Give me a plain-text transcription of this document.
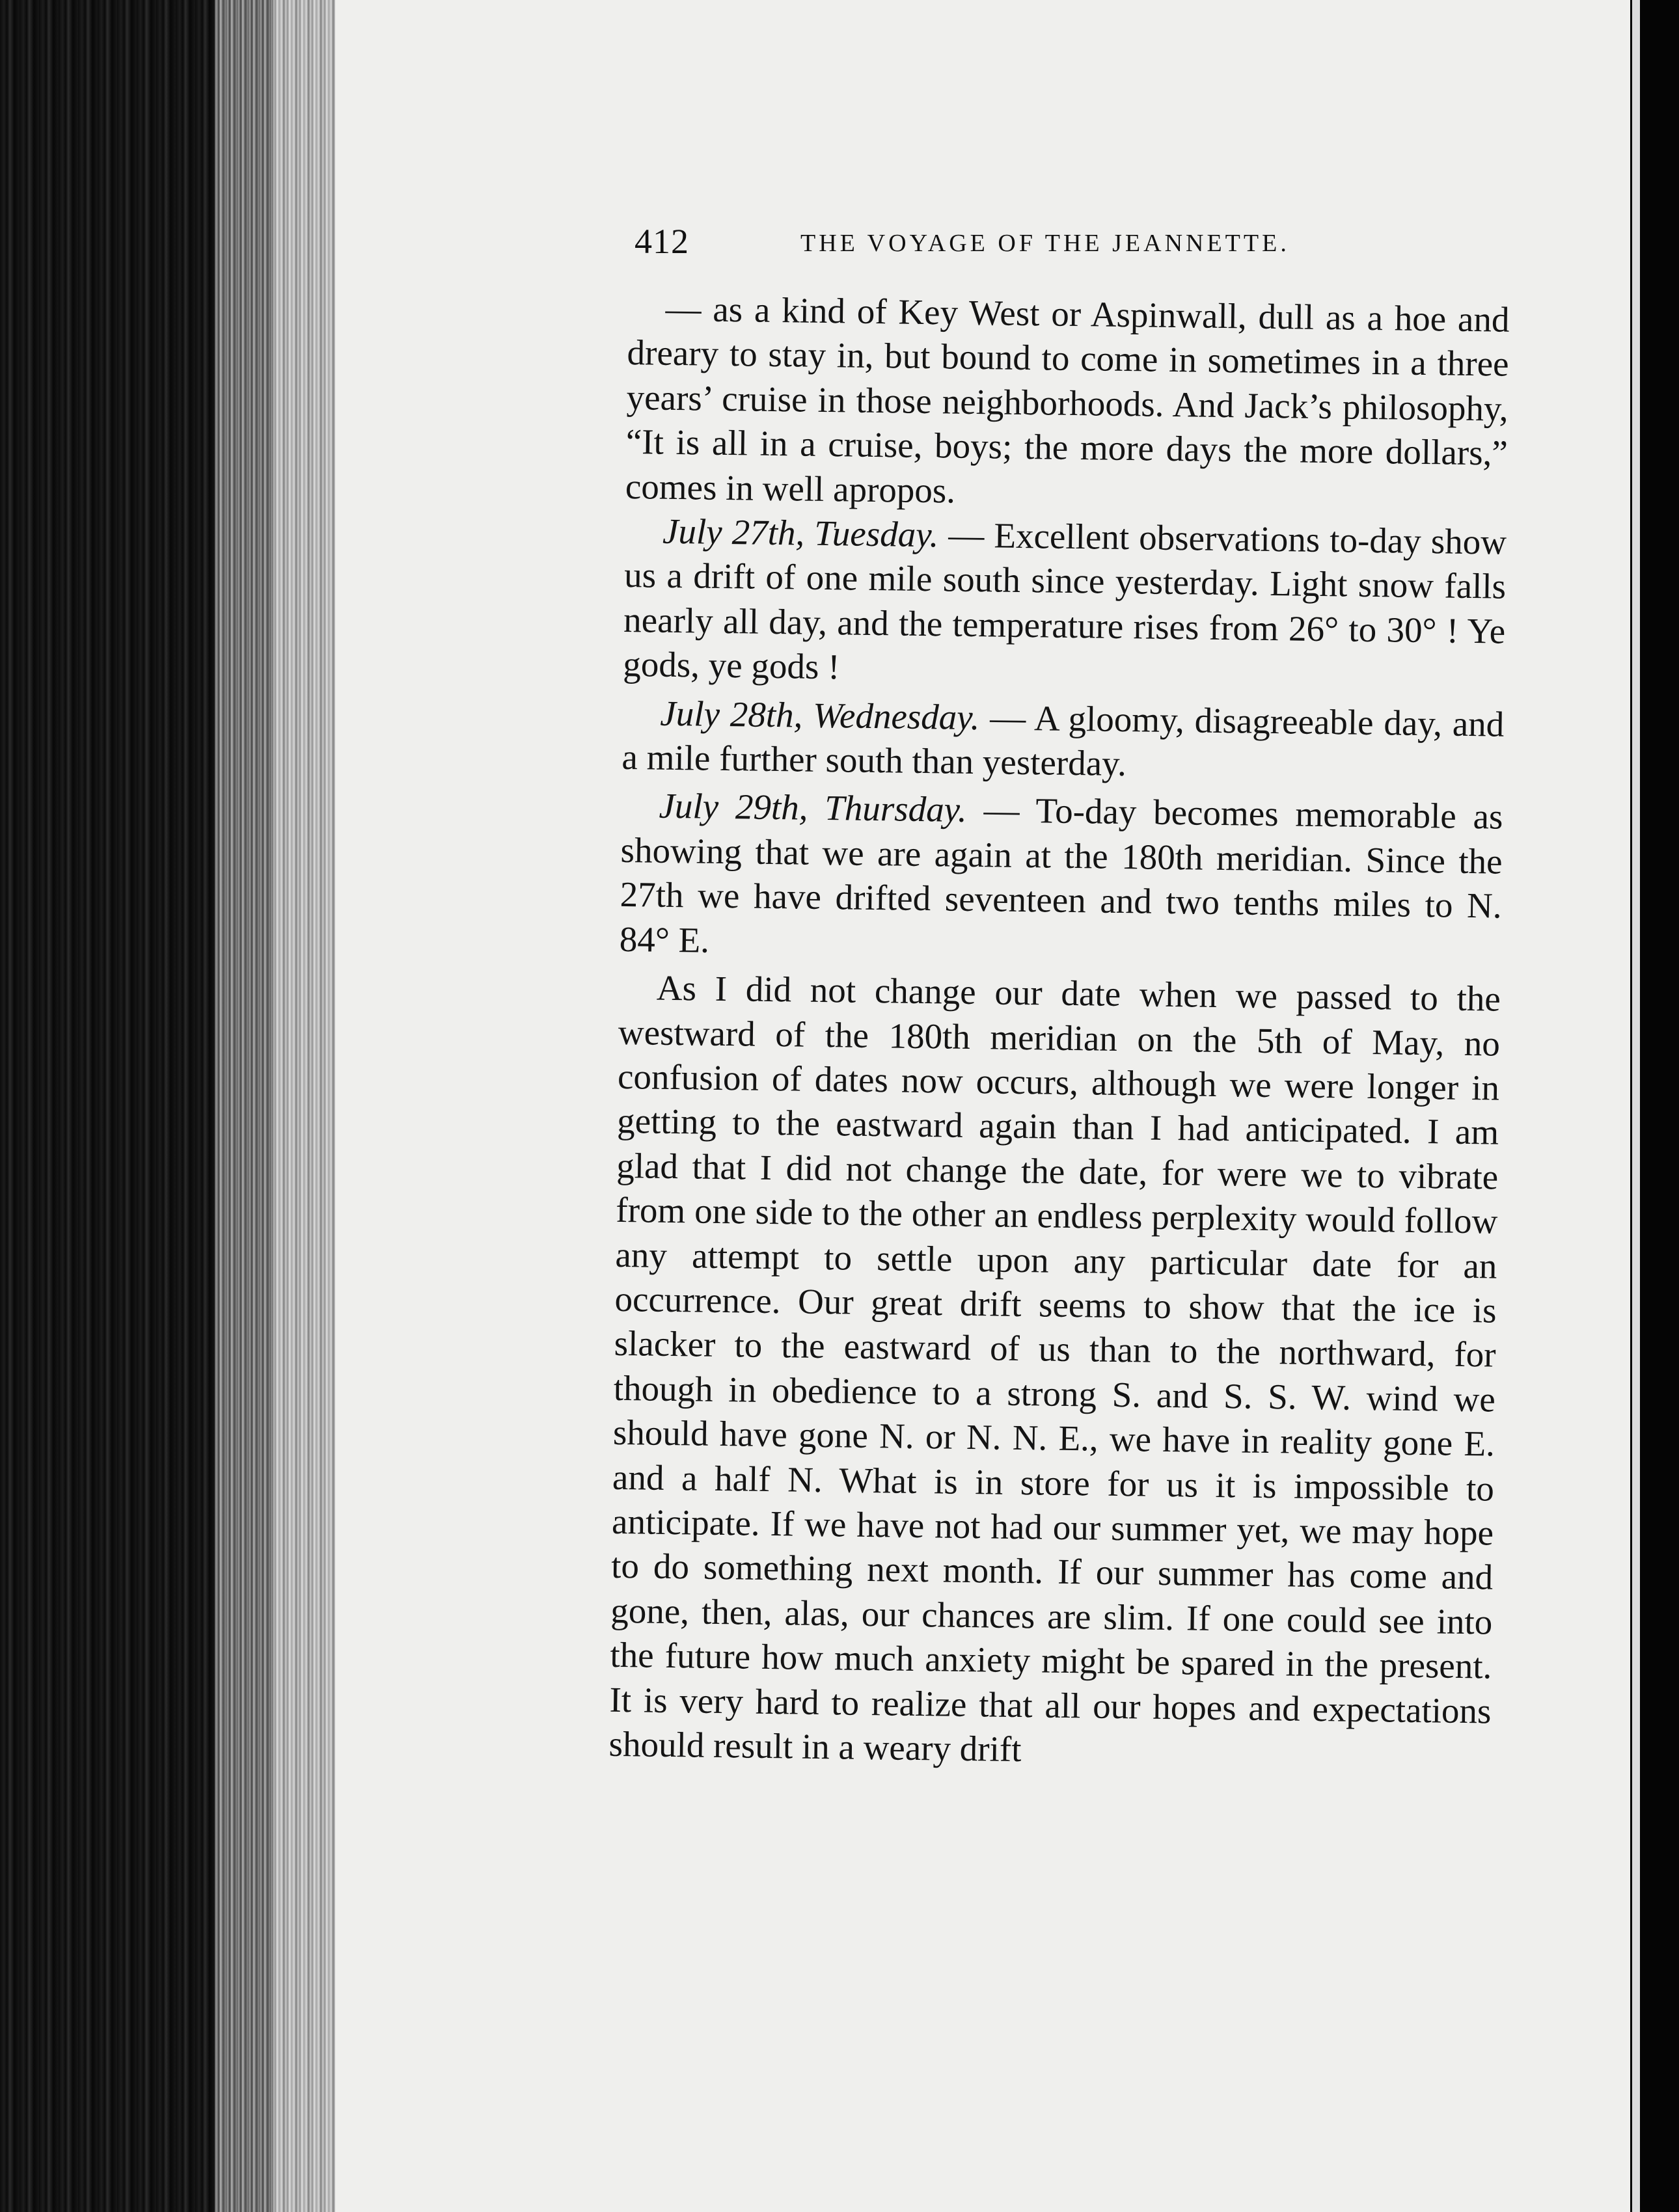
412	THE VOYAGE OF THE JEANNETTE.

— as a kind of Key West or Aspinwall, dull as a hoe and dreary to stay in, but bound to come in sometimes in a three years’ cruise in those neighborhoods. And Jack’s philosophy, “It is all in a cruise, boys; the more days the more dollars,” comes in well apropos.

July 27th, Tuesday. — Excellent observations to-day show us a drift of one mile south since yesterday. Light snow falls nearly all day, and the temperature rises from 26° to 30° ! Ye gods, ye gods !

July 28th, Wednesday. — A gloomy, disagreeable day, and a mile further south than yesterday.

July 29th, Thursday. — To-day becomes memorable as showing that we are again at the 180th meridian. Since the 27th we have drifted seventeen and two tenths miles to N. 84° E.

As I did not change our date when we passed to the westward of the 180th meridian on the 5th of May, no confusion of dates now occurs, although we were longer in getting to the eastward again than I had anticipated. I am glad that I did not change the date, for were we to vibrate from one side to the other an endless perplexity would follow any attempt to settle upon any particular date for an occurrence. Our great drift seems to show that the ice is slacker to the eastward of us than to the northward, for though in obedience to a strong S. and S. S. W. wind we should have gone N. or N. N. E., we have in reality gone E. and a half N. What is in store for us it is impossible to anticipate. If we have not had our summer yet, we may hope to do something next month. If our summer has come and gone, then, alas, our chances are slim. If one could see into the future how much anxiety might be spared in the present. It is very hard to realize that all our hopes and expectations should result in a weary drift
